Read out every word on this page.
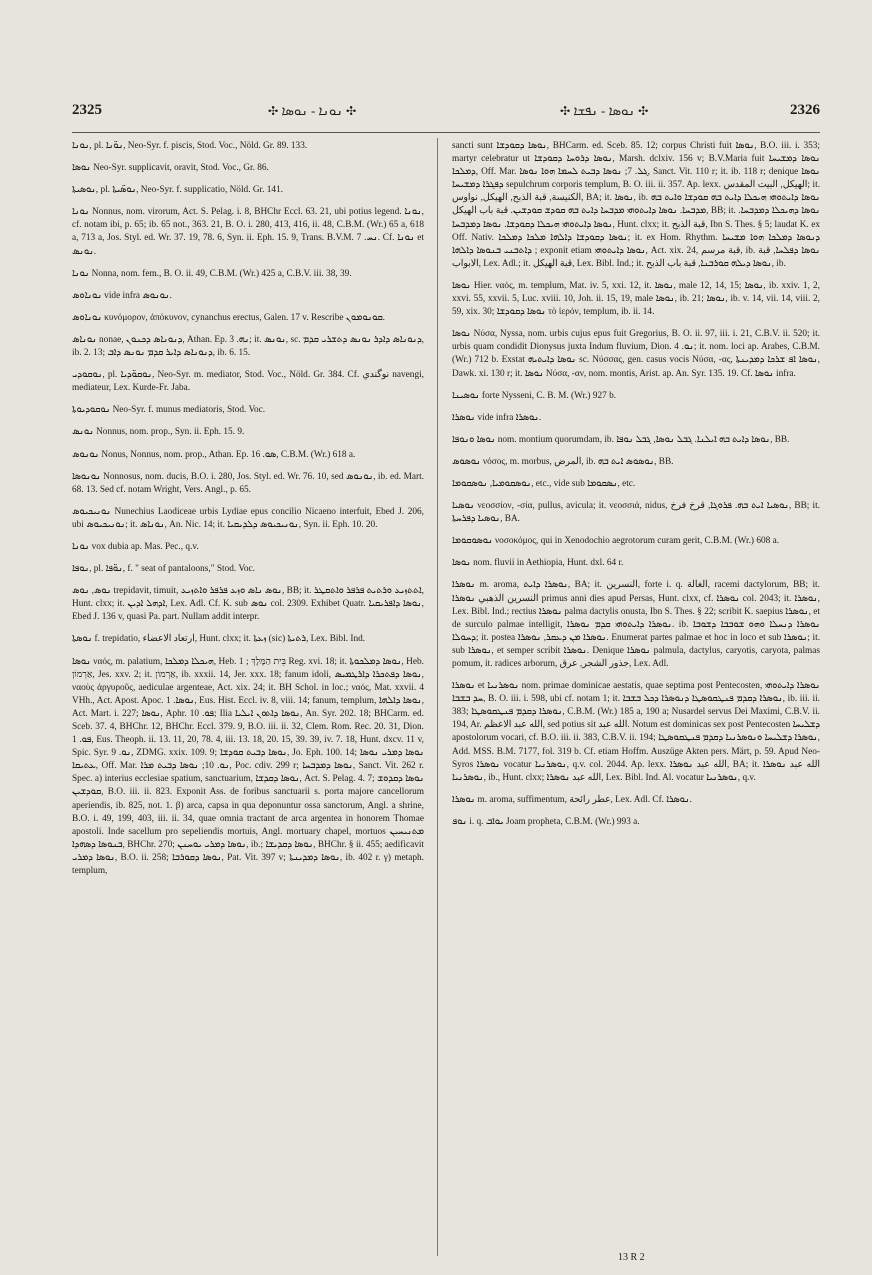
2325	✣ ܢܘܢܐ - ܢܘܣܐ ✣	✣ ܢܘܣܐ - ܢܦܫܐ ✣	2326
ܢܘܢܐ, pl. ܢܘ̈ܢܐ, Neo-Syr. f. piscis, Stod. Voc., Nöld. Gr. 89. 133.
ܢܘܣܐ Neo-Syr. supplicavit, oravit, Stod. Voc., Gr. 86.
ܢܘܣܝܬܐ, pl. ܢܘܣ̈ܝܬܐ, Neo-Syr. f. supplicatio, Nöld. Gr. 141.
ܢܘܢܐ Nonnus, nom. virorum, Act. S. Pelag. i. 8, BHChr Eccl. 63. 21, ubi potius legend. ܢܘܢܐ, cf. notam ibi, p. 65; ib. 65 not., 363. 21, B. O. i. 280, 413, 416, ii. 48, C.B.M. (Wr.) 65 a, 618 a, 713 a, Jos. Styl. ed. Wr. 37. 19, 78. 6, Syn. ii. Eph. 15. 9, Trans. B.V.M. ܢܚ. 7. Cf. ܢܘܢܐ et ܢܘܢܣ.
ܢܘܢܐ Nonna, nom. fem., B. O. ii. 49, C.B.M. (Wr.) 425 a, C.B.V. iii. 38, 39.
ܢܘܢܐܘܣ vide infra ܢܘܢܘܣ.
ܢܘܢܐܘܣ κυνόμορον, ἀπόκυνον, cynanchus erectus, Galen. 17 v. Rescribe ܩܘܢܘܡܘܢ.
ܢܘܢܐܣ nonae, ܕܢܘܢܐܣ ܕܟܢܘܢ, Athan. Ep. ܢܗ. 3; it. ܢܘܢܣ, sc. ܕܢܘܢܐܣ ܕܐܕܪ ܢܘܢܣ ܕܬܫܪܝ ܩܕܡ, ib. 2. 13; ܕܢܘܢܐܣ ܕܐܝܪ ܩܕܡ ܢܘܢܣ ܕܐܒ, ib. 6. 15.
ܢܘܩܘܕܝ, pl. ܢܘܩܘ̈ܕܝܐ, Neo-Syr. m. mediator, Stod. Voc., Nöld. Gr. 384. Cf. نوگندي navengi, mediateur, Lex. Kurde-Fr. Jaba.
ܢܘܩܘܕܝܘܬܐ Neo-Syr. f. munus mediatoris, Stod. Voc.
ܢܘܢܣ Nonnus, nom. prop., Syn. ii. Eph. 15. 9.
ܢܘܢܘܣ Nonus, Nonnus, nom. prop., Athan. Ep. ܣܘ. 16, C.B.M. (Wr.) 618 a.
ܢܘܢܘܣܐ Nonnosus, nom. ducis, B.O. i. 280, Jos. Styl. ed. Wr. 76. 10, sed ܢܘܢܘܣ, ib. ed. Mart. 68. 13. Sed cf. notam Wright, Vers. Angl., p. 65.
ܢܘܢܝܟܝܘܣ Nunechius Laodiceae urbis Lydiae epus concilio Nicaeno interfuit, Ebed J. 206, ubi ܢܘܢܝܟܝܘܣ; it. ܢܘܢܐܣ, An. Nic. 14; it. ܢܘܢܝܟܝܘܣ ܕܠܕܝܩܝܐ, Syn. ii. Eph. 10. 20.
ܢܘܢܐ vox dubia ap. Mas. Pec., q.v.
ܢܘܦܐ, pl. ܢܘ̈ܦܐ, f. " seat of pantaloons," Stod. Voc.
ܢܘܣ, ܢܘܣ trepidavit, timuit, ܢܘܣ ܢܐܣ ܘܙܥ ܦܪܦܪ ܘܐܬܙܝܥ, BB; it. ܐܬܬܙܝܥ ܘܪܬܝܬ ܦܪܦܪ ܘܐܬܩܛܪ, Hunt. clxx; it. ܐܕܗܠ ܐܕܝܢ, Lex. Adl. Cf. K. sub ܢܘܣ col. 2309. Exhibet Quatr. ܢܘܣܐ ܕܐܦܪܝܩܝܐ, Ebed J. 136 v, quasi Pa. part. Nullam addit interpr.
ܢܘܣܬܐ f. trepidatio, ارتعاد الاعضاء, Hunt. clxx; it. ܙܥܬܐ (sic) ܪܬܝܬܐ, Lex. Bibl. Ind.
ܢܘܣܐ ναός, m. palatium, ܗܝܟܠܐ ܕܡܠܟܐ, Heb. בֵּית הַמֶּלֶךְ ; 1 Reg. xvi. 18; it. ܢܘܣܐ ܕܡܠܟܘܬܐ, Heb. אַרְמוֹן, Jes. xxv. 2; it. אַרְמוֹן, ib. xxxii. 14, Jer. xxx. 18; fanum idoli, ܢܘܣܐ ܕܦܬܟܪܐ ܕܐܪܛܡܝܣ, ναοὺς ἀργυροῦς, aediculae argenteae, Act. xix. 24; it. BH Schol. in loc.; ναός, Mat. xxvii. 4 VHh., Act. Apost. Apoc. ܢܘܣܐ. 1, Eus. Hist. Eccl. iv. 8, viii. 14; fanum, templum, ܢܘܣܐ ܕܐܠܗܐ, Act. Mart. i. 227; ܢܘܣܐ, Aphr. ܦܘ. 10; Ilia ܢܘܣܐ ܕܐܬܘܢ ܐܝܠܝܐ, An. Syr. 202. 18; BHCarm. ed. Sceb. 37. 4, BHChr. 12, BHChr. Eccl. 379. 9, B.O. iii. ii. 32, Clem. Rom. Rec. 20. 31, Dion. ܦܘ. 1, Eus. Theoph. ii. 13. 11, 20, 78. 4, iii. 13. 18, 20. 15, 39. 39, iv. 7. 18, Hunt. dxcv. 11 v, Spic. Syr. ܢܘ. 9, ZDMG. xxix. 109. 9; ܢܘܣܐ ܕܒܝܬ ܩܘܕܫܐ, Jo. Eph. 100. 14; ܢܘܣܐ ܕܡܪܝ ܢܘܣܐ ܥܬܝܩܐ, Off. Mar. ܢܘ. 10; ܢܘܣܐ ܕܒܝܬ ܡܪܐ, Poc. cdiv. 299 r; ܢܘܣܐ ܕܡܕܒܚܐ, Sanct. Vit. 262 r. Spec. a) interius ecclesiae spatium, sanctuarium, ܢܘܣܐ ܕܩܕܫܐ, Act. S. Pelag. 4. 7; ܢܘܣܐ ܕܩܕܘܫ ܩܘܕܫܝܢ, B.O. iii. ii. 823. Exponit Ass. de foribus sanctuarii s. porta majore cancellorum aperiendis, ib. 825, not. 1. β) arca, capsa in qua deponuntur ossa sanctorum, Angl. a shrine, B.O. i. 49, 199, 403, iii. ii. 34, quae omnia tractant de arca argentea in honorem Thomae apostoli. Inde sacellum pro sepeliendis mortuis, Angl. mortuary chapel, mortuos ܡܬܢܝܚܝܢ ܒܢܘܣܐ ܕܣܗܕܐ, BHChr. 270; ܢܘܣܐ ܕܡܪܝ ܝܘܚܢܢ, ib.; ܢܘܣܐ ܕܩܕܝܫܐ, BHChr. § ii. 455; aedificavit ܢܘܣܐ ܕܡܪܝ, B.O. ii. 258; ܢܘܣܐ ܕܩܘܪܒܐ, Pat. Vit. 397 v; ܢܘܣܐ ܕܡܕܝܢܬܐ, ib. 402 r. γ) metaph. templum,
sancti sunt ܢܘܣܐ ܕܩܘܕܫܐ, BHCarm. ed. Sceb. 85. 12; corpus Christi fuit ܢܘܣܐ, B.O. iii. i. 353; martyr celebratur ut ܢܘܣܐ ܕܪܘܚܐ ܕܩܘܕܫܐ, Marsh. dclxiv. 156 v; B.V.Maria fuit ܢܘܣܐ ܕܡܫܝܚܐ ܕܡܠܟܐ, Off. Mar. ܓܠ. 7; ܢܘܣܐ ܕܒܝܬ ܠܚܡܐ ܗܘܐ ܢܘܣܐ, Sanct. Vit. 110 r; it. ib. 118 r; denique ܢܘܣܐ ܕܦܓܪܐ ܕܡܫܝܚܐ sepulchrum corporis templum, B. O. iii. ii. 357. Ap. lexx. الهيكل, البيت المقدس; it. الكنيسة, قبة الذبح, الهيكل, نواوس, BA; it. ܢܘܣܐ, ib. ܢܘܣܐ ܕܐܝܬܘܗܝ ܗܝܟܠܐ ܕܐܝܬ ܒܗ ܩܘܕܫܐ ܘܐܝܬ ܒܗ ܡܕܒܚܐ. ܢܘܣܐ ܕܐܝܬܘܗܝ ܡܕܒܚܐ ܕܐܝܬ ܒܗ ܩܘܕܫ ܩܘܕܫܝܢ. قبة باب الهيكل, BB; it. ܢܘܣܐ ܕܗܝܟܠܐ ܕܡܕܒܚܐ. ܢܘܣܐ ܕܐܝܬܘܗܝ ܗܝܟܠܐ ܕܩܘܕܫܐ. ܢܘܣܐ ܕܡܕܒܚܐ, Hunt. clxx; it. قبة الذبح, Ibn S. Thes. § 5; laudat K. ex Off. Nativ. ܢܘܣܐ ܕܩܘܕܫܐ ܕܐܠܗܐ ܡܠܟܐ ܕܡܠܟܐ; it. ex Hom. Rhythm. ܕܢܘܣܐ ܕܡܠܟܐ ܗܘܐ ܡܫܝܚܐ ܕܐܬܒܢܝ ܒܢܘܣܐ ܕܐܠܗܐ ; exponit etiam ܢܘܣܐ ܕܐܝܬܘܗܝ, Act. xix. 24, قبة مرسم, ib. ܢܘܣܐ ܕܦܠܚܐ, قبة الابواب, Lex. Adl.; it. قبة الهيكل, Lex. Bibl. Ind.; it. ܢܘܣܐ ܕܝܠܗ ܩܘܪܒܢܐ, قبة باب الذبح, ib.
ܢܘܣܐ Hier. ναός, m. templum, Mat. iv. 5, xxi. 12, it. ܢܘܣܐ, male 12, 14, 15; ܢܘܣܐ, ib. xxiv. 1, 2, xxvi. 55, xxvii. 5, Luc. xviii. 10, Joh. ii. 15, 19, male ܢܘܣܐ, ib. 21; ܢܘܣܐ, ib. v. 14, vii. 14, viii. 2, 59, xix. 30; ܢܘܣܐ ܕܩܘܕܫܐ τὸ ἱερόν, templum, ib. ii. 14.
ܢܘܣܐ Νύσα, Nyssa, nom. urbis cujus epus fuit Gregorius, B. O. ii. 97, iii. i. 21, C.B.V. ii. 520; it. urbis quam condidit Dionysus juxta Indum fluvium, Dion. ܢܘ. 4; it. nom. loci ap. Arabes, C.B.M. (Wr.) 712 b. Exstat ܢܘܣܐ ܕܐܝܬܝܗ sc. Νύσσας, gen. casus vocis Νύσα, -ας, ܢܘܣܐ ܐܦ ܫܪܟܐ ܕܡܕܝܢܬܐ, Dawk. xi. 130 r; it. ܢܘܣܐ Νύσα, -αν, nom. montis, Arist. ap. An. Syr. 135. 19. Cf. ܢܘܣܐ infra.
ܢܘܣܝܢܐ forte Nysseni, C. B. M. (Wr.) 927 b.
ܢܘܣܪܐ vide infra ܢܘܣܪܐ.
ܢܘܣܐ ܘܢܘܦܐ nom. montium quorumdam, ib. ܢܘܣܐ ܕܐܝܬ ܒܗ ܐܝܠܢܐ. ܓܒܠ ܢܘܣܐ, ܓܒܠ ܢܘܦܐ, BB.
ܢܘܣܘܣ νόσος, m. morbus, المرض, ib. ܢܘܣܘܣ ܐܝܬ ܒܗ, BB.
ܢܘܣܩܘܡܝܐ, ܢܘܣܩܘܡܐ, etc., vide sub ܢܣܩܘܡܐ, etc.
ܢܘܣܝܐ νεοσσίον, -σία, pullus, avicula; it. νεοσσιά, nidus, ܢܘܣܝܐ ܐܝܬ ܒܗ. ܦܪܘܓܐ, قرخ فرخ, BB; it. ܢܘܣܝܐ ܕܦܪܚܬܐ, BA.
ܢܘܣܘܩܘܡܐ νοσοκόμος, qui in Xenodochio aegrotorum curam gerit, C.B.M. (Wr.) 608 a.
ܢܘܣܐ nom. fluvii in Aethiopia, Hunt. dxl. 64 r.
ܢܘܣܪܐ m. aroma, ܢܘܣܪܐ ܕܐܝܬ, BA; it. النسرين, forte i. q. الغالة, racemi dactylorum, BB; it. النسرين الذهبي ܢܘܣܪܐ primus anni dies apud Persas, Hunt. clxx, cf. ܢܘܣܪܐ col. 2043; it. ܢܘܣܪܐ, Lex. Bibl. Ind.; rectius ܢܘܣܪܐ palma dactylis onusta, Ibn S. Thes. § 22; scribit K. saepius ܢܘܣܪܐ, et de surculo palmae intelligit, ܢܘܣܪܐ ܕܐܝܬܘܗܝ ܩܕܡ ܢܘܣܪܐ. ib. ܢܘܣܪܐ ܕܢܚܠܐ ܘܗܘ ܫܘܒܒܐ ܕܫܘܒܐ ܕܚܘܠܐ; it. postea ܢܘܣܪܐ ܡܢ ܕܥܩܪ, ܢܘܣܪܐ. Enumerat partes palmae et hoc in loco et sub ܢܘܣܪܐ; it. sub ܢܘܣܪܐ, et semper scribit ܢܘܣܪܐ. Denique ܢܘܣܪܐ palmula, dactylus, caryotis, caryota, palmas pomum, it. radices arborum, جذور الشجر, عرق, Lex. Adl.
ܢܘܣܪܐ et ܢܘܣܪܢܝܐ nom. primae dominicae aestatis, quae septima post Pentecosten, ܢܘܣܪܐ ܕܐܝܬܘܗܝ ܚܕ ܒܫܒܐ, B. O. iii. i. 598, ubi cf. notam 1; it. ܢܘܣܪܐ ܕܩܕܡ ܦܢܛܩܘܣܛܐ ܕܢܘܣܪܐ ܕܟܠ ܒܫܒܐ, ib. iii. ii. 383; ܢܘܣܪܐ ܕܩܕܡ ܦܢܛܩܘܣܛܐ, C.B.M. (Wr.) 185 a, 190 a; Nusardel servus Dei Maximi, C.B.V. ii. 194, Ar. الله عبد الاعظم, sed potius sit الله عبد. Notum est dominicas sex post Pentecosten ܕܫܠܝܚܐ apostolorum vocari, cf. B.O. iii. ii. 383, C.B.V. ii. 194; ܢܘܣܪܐ ܕܫܠܝܚܐ ܘܢܘܣܪܢܝܐ ܕܩܕܡ ܦܢܛܩܘܣܛܐ, Add. MSS. B.M. 7177, fol. 319 b. Cf. etiam Hoffm. Auszüge Akten pers. Märt, p. 59. Apud Neo-Syros ܢܘܣܪܐ vocatur ܢܘܣܪܢܝܐ, q.v. col. 2044. Ap. lexx. الله عبد ܢܘܣܪܐ, BA; it. الله عبد ܢܘܣܪܐ ܢܘܣܪܢܝܐ, ib., Hunt. clxx; الله عبد ܢܘܣܪܐ, Lex. Bibl. Ind. Al. vocatur ܢܘܣܪܢܝܐ, q.v.
ܢܘܣܪܐ m. aroma, suffimentum, عطر رائحة, Lex. Adl. Cf. ܢܘܣܪܐ.
ܢܘܦ i. q. ܝܘܐܒ Joam propheta, C.B.M. (Wr.) 993 a.
13 R 2
